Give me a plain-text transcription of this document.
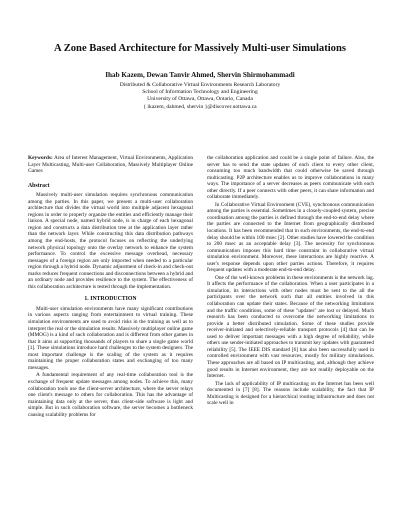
A Zone Based Architecture for Massively Multi-user Simulations
Ihab Kazem, Dewan Tanvir Ahmed, Shervin Shirmohammadi
Distributed & Collaborative Virtual Environments Research Laboratory
School of Information Technology and Engineering
University of Ottawa, Ottawa, Ontario, Canada
{ ikazem, dahmed, shervin }@discover.uottawa.ca
Keywords: Area of Interest Management, Virtual Environments, Application Layer Multicasting, Multi-user Collaboration, Massively Multiplayer Online Games
Abstract

Massively multi-user simulation requires synchronous communication among the parties. In this paper, we present a multi-user collaboration architecture that divides the virtual world into multiple adjacent hexagonal regions in order to properly organize the entities and efficiently manage their liaison. A special node, named hybrid node, is in charge of each hexagonal region and constructs a data distribution tree at the application layer rather than the network layer. While constructing this data distribution pathways among the end-hosts, the protocol focuses on reflecting the underlying network physical topology onto the overlay network to enhance the system performance. To control the excessive message overhead, necessary messages of a foreign region are only imported when needed to a particular region through a hybrid node. Dynamic adjustment of check-in and check-out marks reduces frequent connections and disconnections between a hybrid and an ordinary node and provides resilience to the system. The effectiveness of this collaboration architecture is tested through the implementation.

1. INTRODUCTION

Multi-user simulation environments have many significant contributions in various aspects ranging from entertainment to virtual training. These simulation environments are used to avoid risks in the training as well as to interpret the real or the simulation results. Massively multiplayer online game (MMOG) is a kind of such collaboration and is different from other games in that it aims at supporting thousands of players to share a single game world [1]. These simulations introduce hard challenges to the system designers. The most important challenge is the scaling of the system as it requires maintaining the proper collaboration states and exchanging of too many messages.

A fundamental requirement of any real-time collaboration tool is the exchange of frequent update messages among nodes. To achieve this, many collaboration tools use the client-server architecture, where the server relays one client's message to others for collaboration. This has the advantage of maintaining data only at the server, thus client-side software is light and simple. But in such collaboration software, the server becomes a bottleneck causing scalability problems for

the collaboration application and could be a single point of failure. Also, the server has to send the state updates of each client to every other client, consuming too much bandwidth that could otherwise be saved through multicasting. P2P architecture enables us to improve collaborations in many ways. The importance of a server decreases as peers communicate with each other directly. If a peer connects with other peers, it can share information and collaborate immediately.

In Collaborative Virtual Environment (CVE), synchronous communication among the parties is essential. Sometimes in a closely-coupled system, precise coordination among the parties is defined through the end-to-end delay where the parties are connected to the Internet from geographically distributed locations. It has been recommended that in such environments, the end-to-end delay should be within 100 msec [2]. Other studies have lowered the condition to 200 msec as an acceptable delay [3]. The necessity for synchronous communication imposes this hard time constraint in collaborative virtual simulation environment. Moreover, these interactions are highly reactive. A user's response depends upon other parties actions. Therefore, it requires frequent updates with a moderate end-to-end delay.

One of the well-known problems in these environments is the network lag. It affects the performance of the collaboration. When a user participates in a simulation, its interactions with other nodes must be sent to the all the participants over the network such that all entities involved in this collaboration can update their states. Because of the networking limitations and the traffic conditions, some of these "updates" are lost or delayed. Much research has been conducted to overcome the networking limitations to provide a better distributed simulation. Some of these studies provide receiver-initiated and selectively-reliable transport protocols [4] that can be used to deliver important messages with a high degree of reliability, while others use sender-initiated approaches to transmit key updates with guaranteed reliability [5]. The IEEE DIS standard [6] has also been successfully used in controlled environment with vast resources, mostly for military simulations. These approaches are all based on IP multicasting, and, although they achieve good results in Internet environment, they are not readily deployable on the Internet.

The lack of applicability of IP multicasting on the Internet has been well documented in [7] [8]. The reasons include scalability, the fact that IP Multicasting is designed for a hierarchical routing infrastructure and does not scale well in
